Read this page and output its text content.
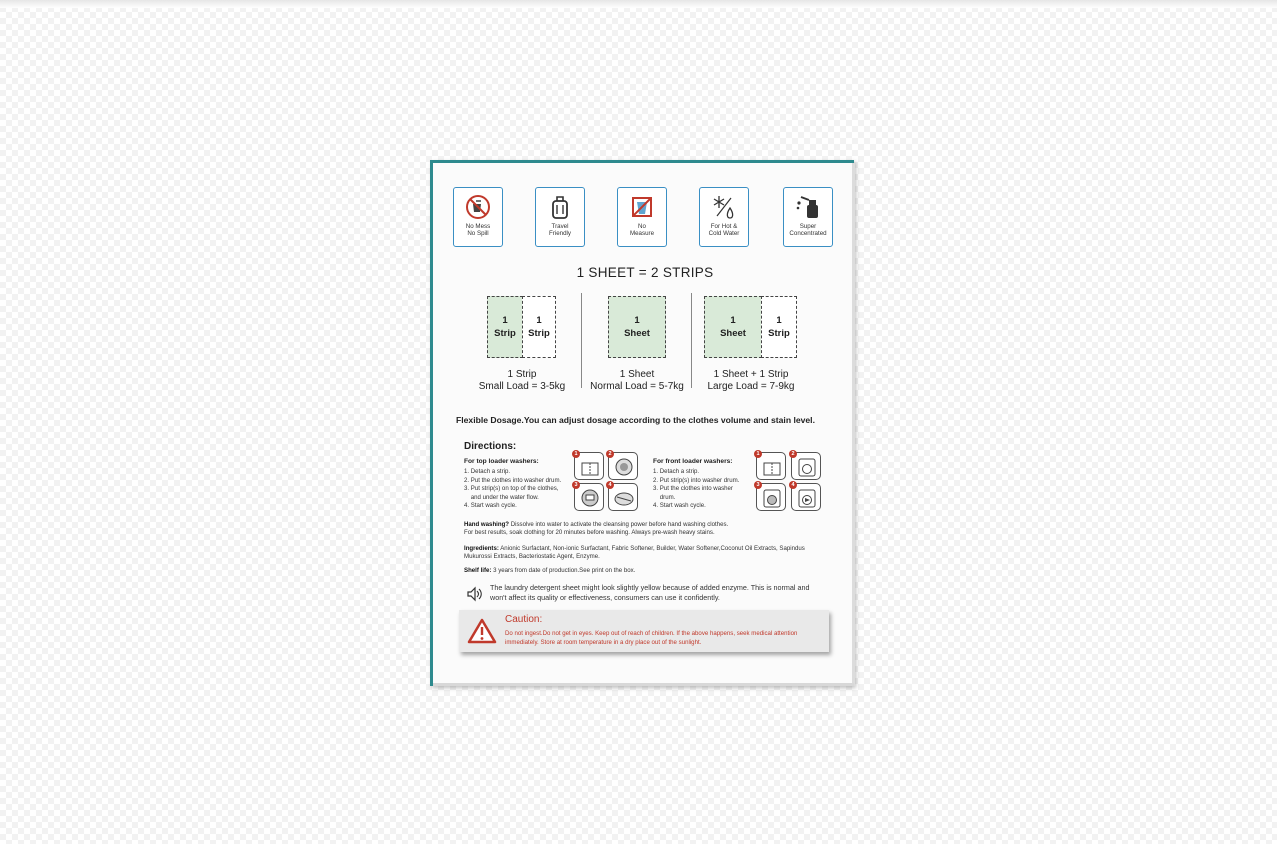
No Mess
No Spill
Travel
Friendly
No
Measure
For Hot &
Cold Water
Super
Concentrated
1 SHEET = 2 STRIPS
1
Strip
1
Strip
1 Strip
Small Load = 3-5kg
1
Sheet
1 Sheet
Normal Load = 5-7kg
1
Sheet
1
Strip
1 Sheet + 1 Strip
Large Load = 7-9kg
Flexible Dosage.You can adjust dosage according to the clothes volume and stain level.
Directions:
For top loader washers:
1. Detach a strip.
2. Put the clothes into washer drum.
3. Put strip(s) on top of the clothes,
and under the water flow.
4. Start wash cycle.
1	2
3	4
For front loader washers:
1. Detach a strip.
2. Put strip(s) into washer drum.
3. Put the clothes into washer
drum.
4. Start wash cycle.
1	2
3	4
Hand washing? Dissolve into water to activate the cleansing power before hand washing clothes.
For best results, soak clothing for 20 minutes before washing. Always pre-wash heavy stains.
Ingredients: Anionic Surfactant, Non-ionic Surfactant, Fabric Softener, Builder, Water Softener,Coconut Oil Extracts, Sapindus Mukurossi Extracts, Bacteriostatic Agent, Enzyme.
Shelf life: 3 years from date of production.See print on the box.
The laundry detergent sheet might look slightly yellow because of added enzyme. This is normal and won't affect its quality or effectiveness, consumers can use it confidently.
Caution:
Do not ingest.Do not get in eyes. Keep out of reach of children. If the above happens, seek medical attention immediately. Store at room temperature in a dry place out of the sunlight.
